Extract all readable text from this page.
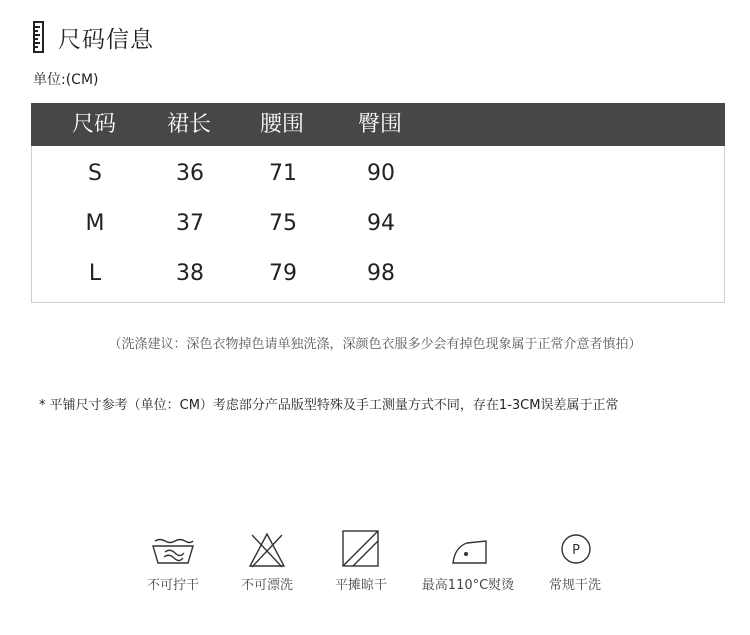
尺码信息
单位:(CM)
尺码	裙长	腰围	臀围
S	36	71	90
M	37	75	94
L	38	79	98
（洗涤建议：深色衣物掉色请单独洗涤，深颜色衣服多少会有掉色现象属于正常介意者慎拍）
* 平铺尺寸参考（单位：CM）考虑部分产品版型特殊及手工测量方式不同，存在1-3CM误差属于正常
P
不可拧干	不可漂洗	平摊晾干	最高110°C熨烫	常规干洗
